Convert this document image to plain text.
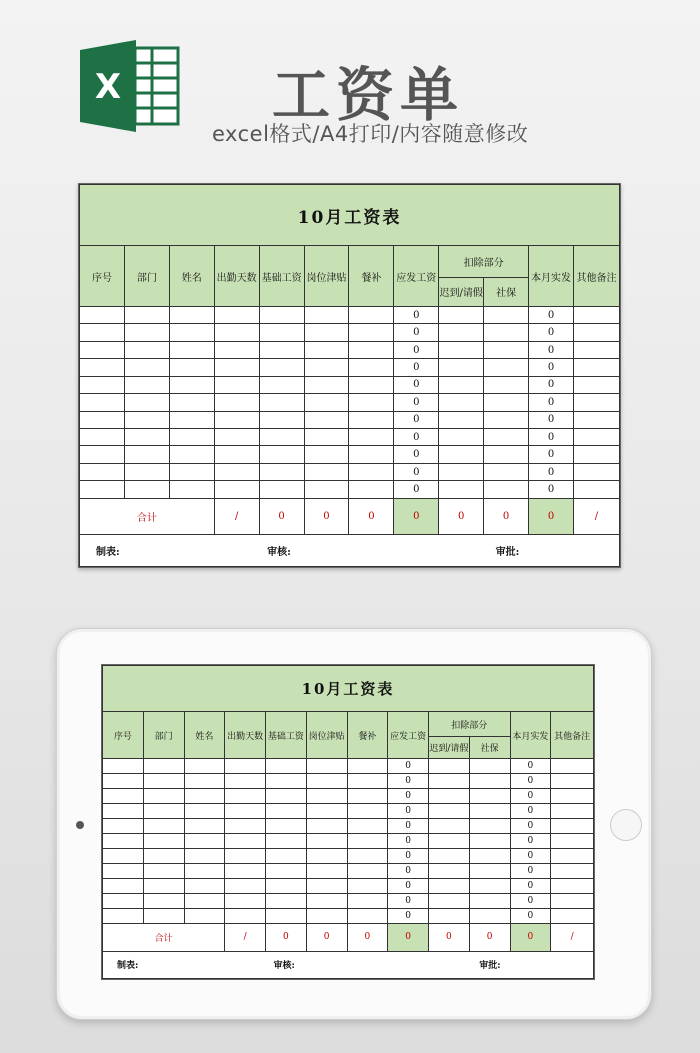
X	工资单
excel格式/A4打印/内容随意修改
10月工资表											
序号	部门	姓名	出勤天数	基础工资	岗位津贴	餐补	应发工资	扣除部分		本月实发	其他备注
								迟到/请假	社保		
							0			0	
							0			0	
							0			0	
							0			0	
							0			0	
							0			0	
							0			0	
							0			0	
							0			0	
							0			0	
							0			0	
合计			/	0	0	0	0	0	0	0	/
制表:				审核:					审批:		
10月工资表											
序号	部门	姓名	出勤天数	基础工资	岗位津贴	餐补	应发工资	扣除部分		本月实发	其他备注
								迟到/请假	社保		
							0			0	
							0			0	
							0			0	
							0			0	
							0			0	
							0			0	
							0			0	
							0			0	
							0			0	
							0			0	
							0			0	
合计			/	0	0	0	0	0	0	0	/
制表:				审核:					审批:		
